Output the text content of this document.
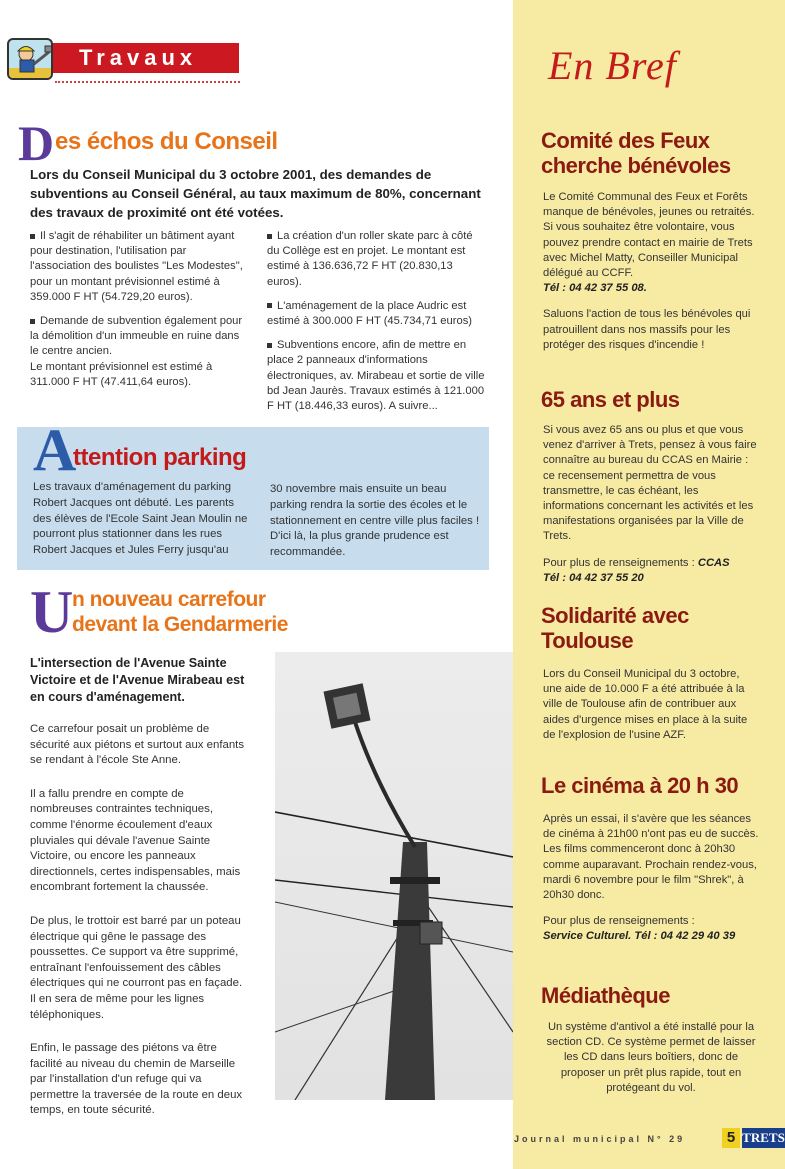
Travaux
D es échos du Conseil
Lors du Conseil Municipal du 3 octobre 2001, des demandes de subventions au Conseil Général, au taux maximum de 80%, concernant des travaux de proximité ont été votées.
Il s'agit de réhabiliter un bâtiment ayant pour destination, l'utilisation par l'association des boulistes "Les Modestes", pour un montant prévisionnel estimé à 359.000 F HT (54.729,20 euros).
Demande de subvention également pour la démolition d'un immeuble en ruine dans le centre ancien.
Le montant prévisionnel est estimé à 311.000 F HT (47.411,64 euros).
La création d'un roller skate parc à côté du Collège est en projet. Le montant est estimé à 136.636,72 F HT (20.830,13 euros).
L'aménagement de la place Audric est estimé à 300.000 F HT (45.734,71 euros)
Subventions encore, afin de mettre en place 2 panneaux d'informations électroniques, av. Mirabeau et sortie de ville bd Jean Jaurès. Travaux estimés à 121.000 F HT (18.446,33 euros). A suivre...
A
ttention parking
Les travaux d'aménagement du parking Robert Jacques ont débuté. Les parents des élèves de l'Ecole Saint Jean Moulin ne pourront plus stationner dans les rues Robert Jacques et Jules Ferry jusqu'au
30 novembre mais ensuite un beau parking rendra la sortie des écoles et le stationnement en centre ville plus faciles ! D'ici là, la plus grande prudence est recommandée.
U
n nouveau carrefour
devant la Gendarmerie
L'intersection de l'Avenue Sainte Victoire et de l'Avenue Mirabeau est en cours d'aménagement.

Ce carrefour posait un problème de sécurité aux piétons et surtout aux enfants se rendant à l'école Ste Anne.

Il a fallu prendre en compte de nombreuses contraintes techniques, comme l'énorme écoulement d'eaux pluviales qui dévale l'avenue Sainte Victoire, ou encore les panneaux directionnels, certes indispensables, mais encombrant fortement la chaussée.

De plus, le trottoir est barré par un poteau électrique qui gêne le passage des poussettes. Ce support va être supprimé, entraînant l'enfouissement des câbles électriques qui ne courront pas en façade. Il en sera de même pour les lignes téléphoniques.

Enfin, le passage des piétons va être facilité au niveau du chemin de Marseille par l'installation d'un refuge qui va permettre la traversée de la route en deux temps, en toute sécurité.

En Bref
Comité des Feux cherche bénévoles

Le Comité Communal des Feux et Forêts manque de bénévoles, jeunes ou retraités. Si vous souhaitez être volontaire, vous pouvez prendre contact en mairie de Trets avec Michel Matty, Conseiller Municipal délégué au CCFF.

Tél : 04 42 37 55 08.

Saluons l'action de tous les bénévoles qui patrouillent dans nos massifs pour les protéger des risques d'incendie !

65 ans et plus

Si vous avez 65 ans ou plus et que vous venez d'arriver à Trets, pensez à vous faire connaître au bureau du CCAS en Mairie : ce recensement permettra de vous transmettre, le cas échéant, les informations concernant les activités et les manifestations organisées par la Ville de Trets.

Pour plus de renseignements : CCAS

Tél : 04 42 37 55 20
Solidarité avec Toulouse
Lors du Conseil Municipal du 3 octobre, une aide de 10.000 F a été attribuée à la ville de Toulouse afin de contribuer aux aides d'urgence mises en place à la suite de l'explosion de l'usine AZF.
Le cinéma à 20 h 30

Après un essai, il s'avère que les séances de cinéma à 21h00 n'ont pas eu de succès. Les films commenceront donc à 20h30 comme auparavant. Prochain rendez-vous, mardi 6 novembre pour le film "Shrek", à 20h30 donc.

Pour plus de renseignements :

Service Culturel. Tél : 04 42 29 40 39
Médiathèque
Un système d'antivol a été installé pour la section CD. Ce système permet de laisser les CD dans leurs boîtiers, donc de proposer un prêt plus rapide, tout en protégeant du vol.
Journal municipal N° 29	5 TRETS
